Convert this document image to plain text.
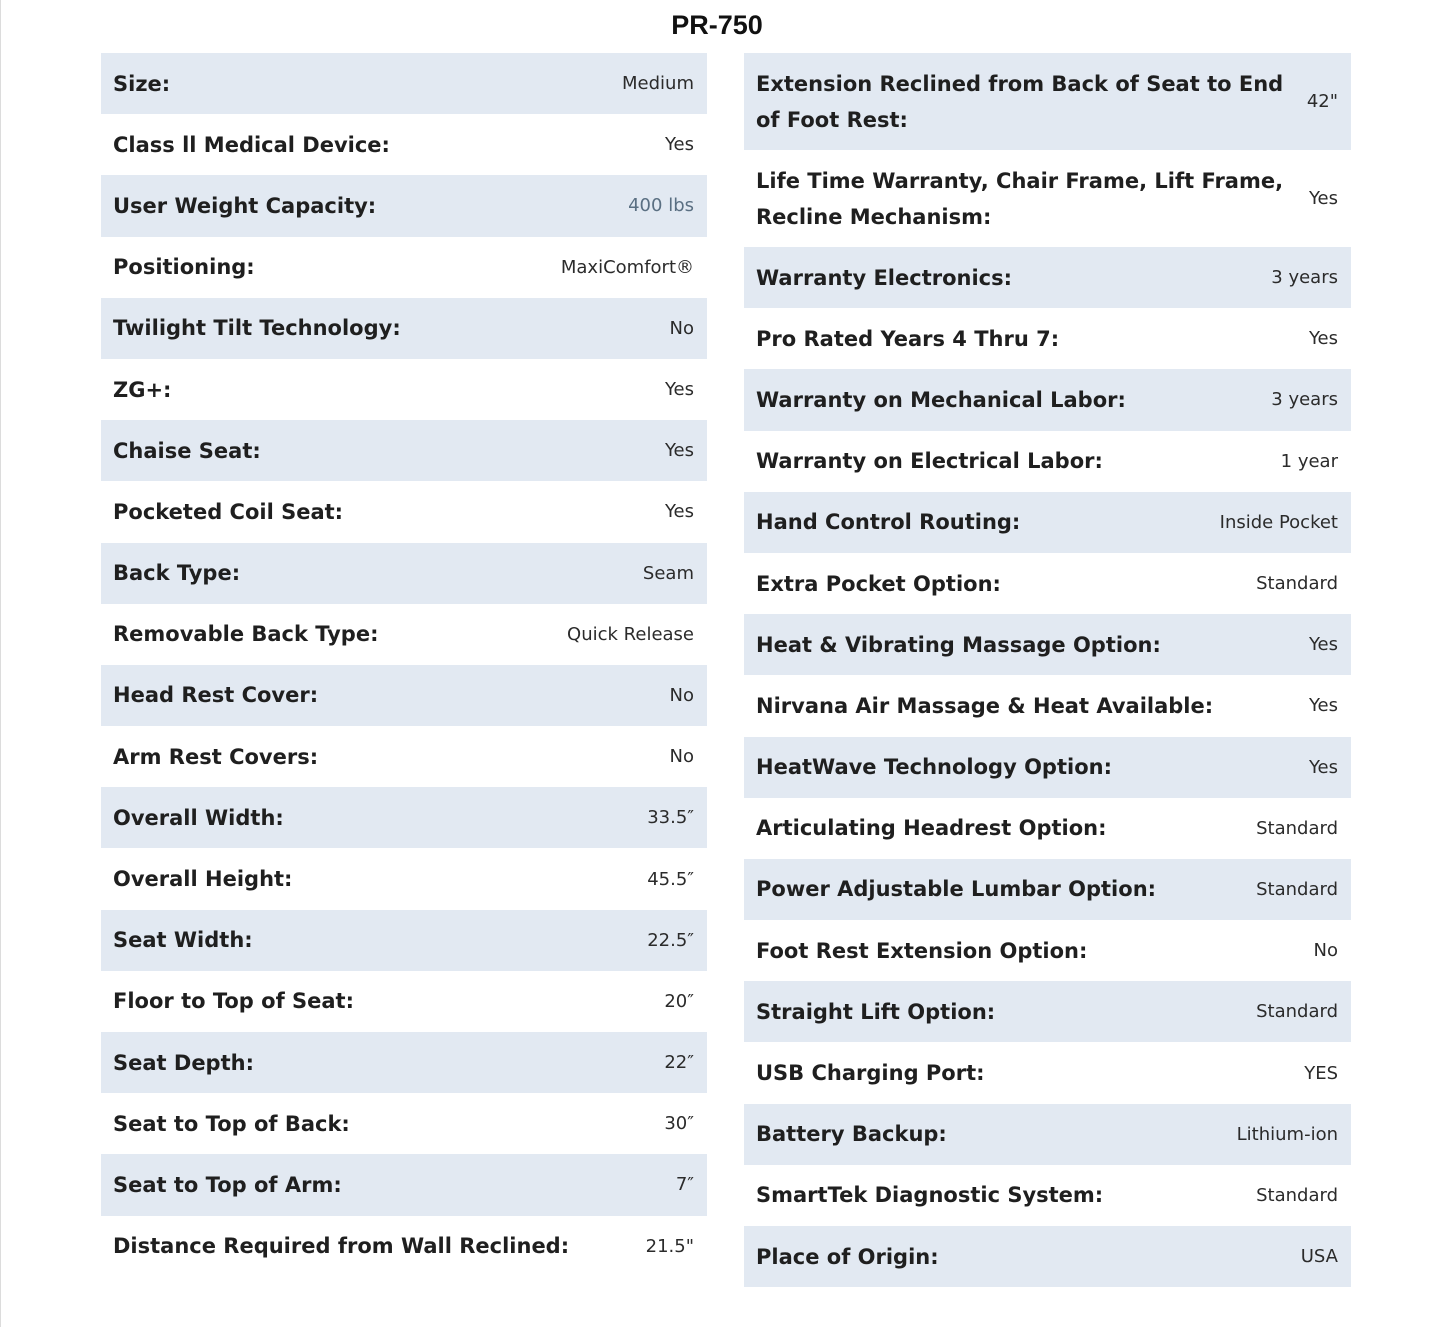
PR-750
Size:	Medium
Class ll Medical Device:	Yes
User Weight Capacity:	400 lbs
Positioning:	MaxiComfort®
Twilight Tilt Technology:	No
ZG+:	Yes
Chaise Seat:	Yes
Pocketed Coil Seat:	Yes
Back Type:	Seam
Removable Back Type:	Quick Release
Head Rest Cover:	No
Arm Rest Covers:	No
Overall Width:	33.5″
Overall Height:	45.5″
Seat Width:	22.5″
Floor to Top of Seat:	20″
Seat Depth:	22″
Seat to Top of Back:	30″
Seat to Top of Arm:	7″
Distance Required from Wall Reclined:	21.5"
Extension Reclined from Back of Seat to End of Foot Rest:
42"
Life Time Warranty, Chair Frame, Lift Frame, Recline Mechanism:
Yes
Warranty Electronics:	3 years
Pro Rated Years 4 Thru 7:	Yes
Warranty on Mechanical Labor:	3 years
Warranty on Electrical Labor:	1 year
Hand Control Routing:	Inside Pocket
Extra Pocket Option:	Standard
Heat & Vibrating Massage Option:	Yes
Nirvana Air Massage & Heat Available:	Yes
HeatWave Technology Option:	Yes
Articulating Headrest Option:	Standard
Power Adjustable Lumbar Option:	Standard
Foot Rest Extension Option:	No
Straight Lift Option:	Standard
USB Charging Port:	YES
Battery Backup:	Lithium-ion
SmartTek Diagnostic System:	Standard
Place of Origin:	USA
